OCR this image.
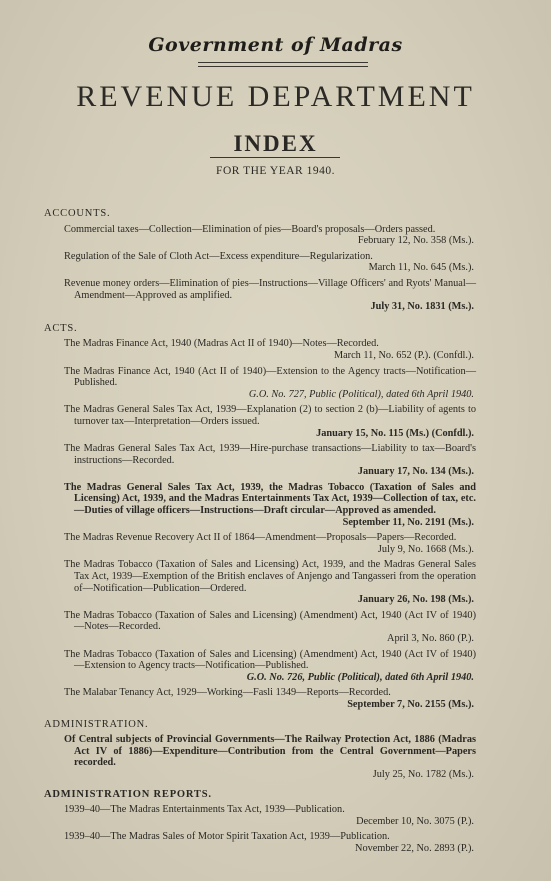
Government of Madras
REVENUE DEPARTMENT
INDEX
FOR THE YEAR 1940.
ACCOUNTS.
Commercial taxes—Collection—Elimination of pies—Board's proposals—Orders passed.
February 12, No. 358 (Ms.).
Regulation of the Sale of Cloth Act—Excess expenditure—Regularization.
March 11, No. 645 (Ms.).
Revenue money orders—Elimination of pies—Instructions—Village Officers' and Ryots' Manual—Amendment—Approved as amplified.
July 31, No. 1831 (Ms.).
ACTS.
The Madras Finance Act, 1940 (Madras Act II of 1940)—Notes—Recorded.
March 11, No. 652 (P.). (Confdl.).
The Madras Finance Act, 1940 (Act II of 1940)—Extension to the Agency tracts—Notification—Published.
G.O. No. 727, Public (Political), dated 6th April 1940.
The Madras General Sales Tax Act, 1939—Explanation (2) to section 2 (b)—Liability of agents to turnover tax—Interpretation—Orders issued.
January 15, No. 115 (Ms.) (Confdl.).
The Madras General Sales Tax Act, 1939—Hire-purchase transactions—Liability to tax—Board's instructions—Recorded.
January 17, No. 134 (Ms.).
The Madras General Sales Tax Act, 1939, the Madras Tobacco (Taxation of Sales and Licensing) Act, 1939, and the Madras Entertainments Tax Act, 1939—Collection of tax, etc.—Duties of village officers—Instructions—Draft circular—Approved as amended.
September 11, No. 2191 (Ms.).
The Madras Revenue Recovery Act II of 1864—Amendment—Proposals—Papers—Recorded.
July 9, No. 1668 (Ms.).
The Madras Tobacco (Taxation of Sales and Licensing) Act, 1939, and the Madras General Sales Tax Act, 1939—Exemption of the British enclaves of Anjengo and Tangasseri from the operation of—Notification—Publication—Ordered.
January 26, No. 198 (Ms.).
The Madras Tobacco (Taxation of Sales and Licensing) (Amendment) Act, 1940 (Act IV of 1940)—Notes—Recorded.
April 3, No. 860 (P.).
The Madras Tobacco (Taxation of Sales and Licensing) (Amendment) Act, 1940 (Act IV of 1940)—Extension to Agency tracts—Notification—Published.
G.O. No. 726, Public (Political), dated 6th April 1940.
The Malabar Tenancy Act, 1929—Working—Fasli 1349—Reports—Recorded.
September 7, No. 2155 (Ms.).
ADMINISTRATION.
Of Central subjects of Provincial Governments—The Railway Protection Act, 1886 (Madras Act IV of 1886)—Expenditure—Contribution from the Central Government—Papers recorded.
July 25, No. 1782 (Ms.).
ADMINISTRATION REPORTS.
1939–40—The Madras Entertainments Tax Act, 1939—Publication.
December 10, No. 3075 (P.).
1939–40—The Madras Sales of Motor Spirit Taxation Act, 1939—Publication.
November 22, No. 2893 (P.).
